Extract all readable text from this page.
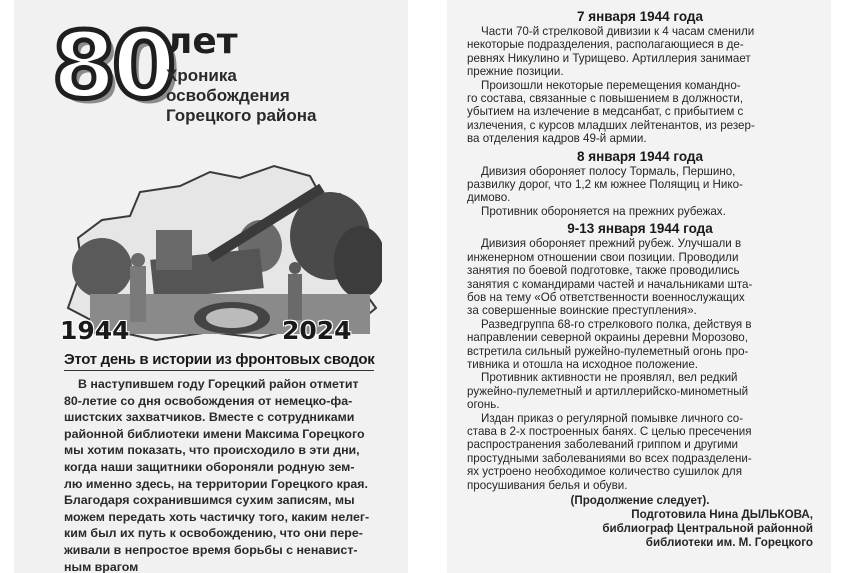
80
лет
Хроника
освобождения
Горецкого района
1944	2024
Этот день в истории из фронтовых сводок
В наступившем году Горецкий район отметит
80-летие со дня освобождения от немецко-фа-
шистских захватчиков. Вместе с сотрудниками
районной библиотеки имени Максима Горецкого
мы хотим показать, что происходило в эти дни,
когда наши защитники обороняли родную зем-
лю именно здесь, на территории Горецкого края.
Благодаря сохранившимся сухим записям, мы
можем передать хоть частичку того, каким нелег-
ким был их путь к освобождению, что они пере-
живали в непростое время борьбы с ненавист-
ным врагом
7 января 1944 года
Части 70-й стрелковой дивизии к 4 часам сменили
некоторые подразделения, располагающиеся в де-
ревнях Никулино и Турищево. Артиллерия занимает
прежние позиции.
Произошли некоторые перемещения командно-
го состава, связанные с повышением в должности,
убытием на излечение в медсанбат, с прибытием с
излечения, с курсов младших лейтенантов, из резер-
ва отделения кадров 49-й армии.
8 января 1944 года
Дивизия обороняет полосу Тормаль, Першино,
развилку дорог, что 1,2 км южнее Полящиц и Нико-
димово.
Противник обороняется на прежних рубежах.
9-13 января 1944 года
Дивизия обороняет прежний рубеж. Улучшали в
инженерном отношении свои позиции. Проводили
занятия по боевой подготовке, также проводились
занятия с командирами частей и начальниками шта-
бов на тему «Об ответственности военнослужащих
за совершенные воинские преступления».
Разведгруппа 68-го стрелкового полка, действуя в
направлении северной окраины деревни Морозово,
встретила сильный ружейно-пулеметный огонь про-
тивника и отошла на исходное положение.
Противник активности не проявлял, вел редкий
ружейно-пулеметный и артиллерийско-минометный
огонь.
Издан приказ о регулярной помывке личного со-
става в 2-х построенных банях. С целью пресечения
распространения заболеваний гриппом и другими
простудными заболеваниями во всех подразделени-
ях устроено необходимое количество сушилок для
просушивания белья и обуви.
(Продолжение следует).
Подготовила Нина ДЫЛЬКОВА,
библиограф Центральной районной
библиотеки им. М. Горецкого
